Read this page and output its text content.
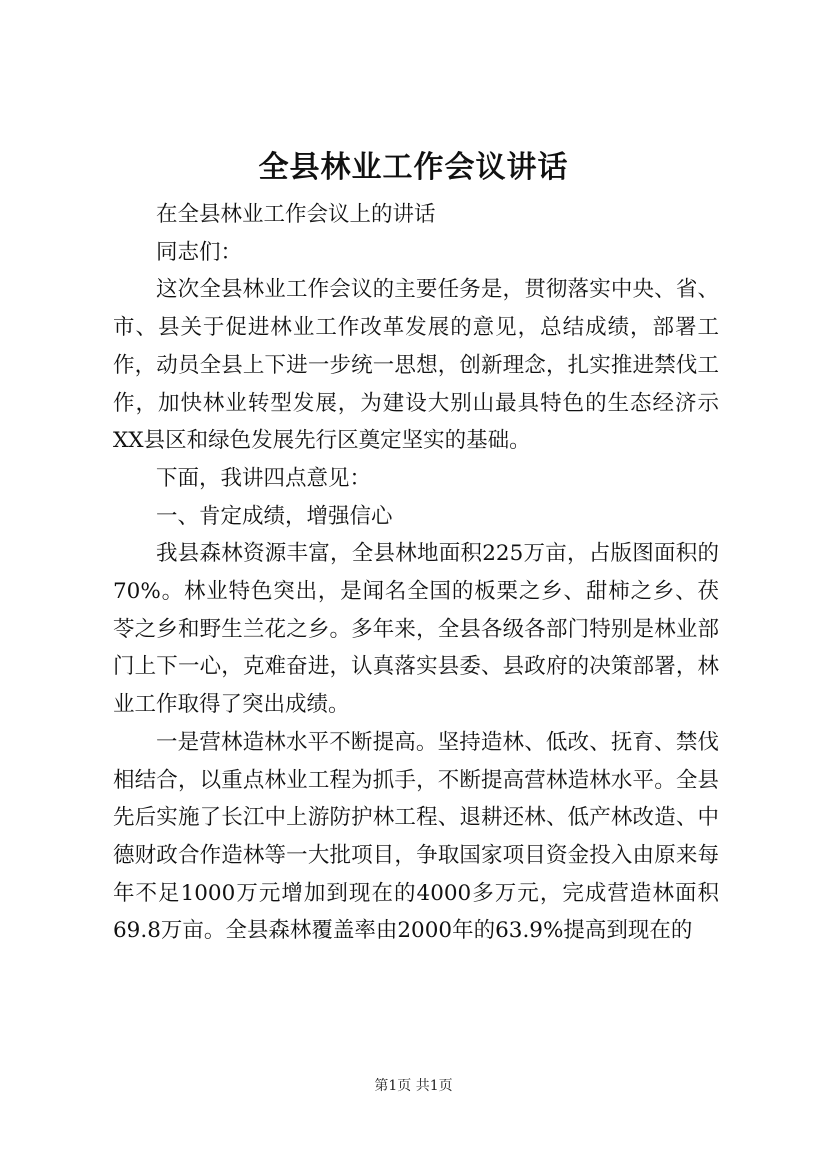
全县林业工作会议讲话

在全县林业工作会议上的讲话

同志们：

这次全县林业工作会议的主要任务是，贯彻落实中央、省、市、县关于促进林业工作改革发展的意见，总结成绩，部署工作，动员全县上下进一步统一思想，创新理念，扎实推进禁伐工作，加快林业转型发展，为建设大别山最具特色的生态经济示XX县区和绿色发展先行区奠定坚实的基础。

下面，我讲四点意见：

一、肯定成绩，增强信心

我县森林资源丰富，全县林地面积225万亩，占版图面积的70%。林业特色突出，是闻名全国的板栗之乡、甜柿之乡、茯苓之乡和野生兰花之乡。多年来，全县各级各部门特别是林业部门上下一心，克难奋进，认真落实县委、县政府的决策部署，林业工作取得了突出成绩。

一是营林造林水平不断提高。坚持造林、低改、抚育、禁伐相结合，以重点林业工程为抓手，不断提高营林造林水平。全县先后实施了长江中上游防护林工程、退耕还林、低产林改造、中德财政合作造林等一大批项目，争取国家项目资金投入由原来每年不足1000万元增加到现在的4000多万元，完成营造林面积69.8万亩。全县森林覆盖率由2000年的63.9%提高到现在的

第1页 共1页
